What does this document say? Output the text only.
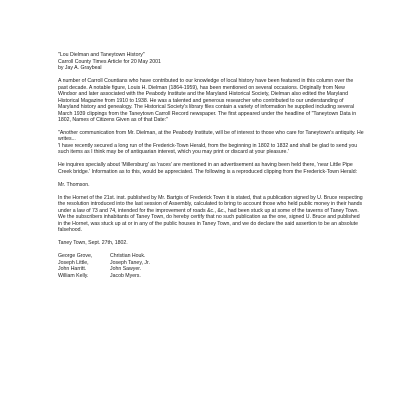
"Lou Dielman and Taneytown History"

Carroll County Times Article for 20 May 2001

by Jay A. Graybeal

A number of Carroll Countians who have contributed to our knowledge of local history have been featured in this column over the past decade. A notable figure, Louis H. Dielman (1864-1959), has been mentioned on several occasions. Originally from New Windsor and later associated with the Peabody Institute and the Maryland Historical Society, Dielman also edited the Maryland Historical Magazine from 1910 to 1938. He was a talented and generous researcher who contributed to our understanding of Maryland history and genealogy. The Historical Society's library files contain a variety of information he supplied including several March 1939 clippings from the Taneytown Carroll Record newspaper. The first appeared under the headline of "Taneytown Data in 1802, Names of Citizens Given as of that Date:"

"Another communication from Mr. Dielman, at the Peabody Institute, will be of interest to those who care for Taneytown's antiquity. He writes...

'I have recently secured a long run of the Frederick-Town Herald, from the beginning in 1802 to 1832 and shall be glad to send you such items as I think may be of antiquarian interest, which you may print or discard at your pleasure.'

He inquires specially about 'Millersburg' as 'races' are mentioned in an advertisement as having been held there, 'near Little Pipe Creek bridge.' Information as to this, would be appreciated. The following is a reproduced clipping from the Frederick-Town Herald:

Mr. Thomson.

In the Hornet of the 21st. inst. published by Mr. Bartgis of Frederick Town it is stated, that a publication signed by U. Bruce respecting the resolution introduced into the last session of Assembly, calculated to bring to account those who held public money in their hands under a law of 73 and 74, intended for the improvement of roads &c., &c., had been stuck up at some of the taverns of Taney Town. We the subscribers inhabitants of Taney Town, do hereby certify that no such publication as the one, signed U. Bruce and published in the Hornet, was stuck up at or in any of the public houses in Taney Town, and we do declare the said assertion to be an absolute falsehood.

Taney Town, Sept. 27th, 1802.

George Grove,	Christian Houk.
Joseph Little,	Joseph Taney, Jr.
John Harritt.	John Sawyer.
William Kelly.	Jacob Myers.
